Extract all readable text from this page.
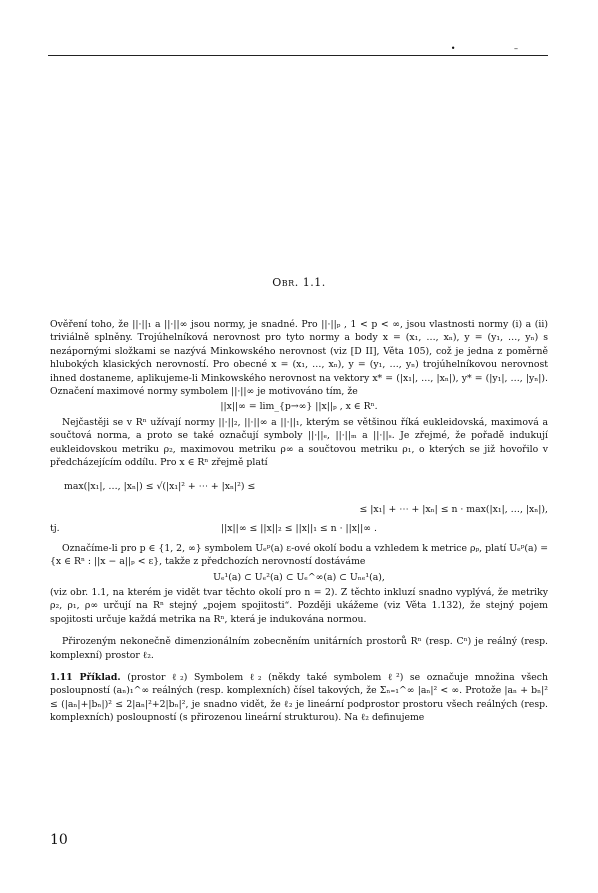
• –
Obr. 1.1.

Ověření toho, že ||·||₁ a ||·||∞ jsou normy, je snadné. Pro ||·||ₚ , 1 < p < ∞, jsou vlastnosti normy (i) a (ii) triviálně splněny. Trojúhelníková nerovnost pro tyto normy a body x = (x₁, …, xₙ), y = (y₁, …, yₙ) s nezápornými složkami se nazývá Minkowského nerovnost (viz [D II], Věta 105), což je jedna z poměrně hlubokých klasických nerovností. Pro obecné x = (x₁, …, xₙ), y = (y₁, …, yₙ) trojúhelníkovou nerovnost ihned dostaneme, aplikujeme-li Minkowského nerovnost na vektory x* = (|x₁|, …, |xₙ|), y* = (|y₁|, …, |yₙ|). Označení maximové normy symbolem ||·||∞ je motivováno tím, že

||x||∞ = lim_{p→∞} ||x||ₚ , x ∈ Rⁿ.

Nejčastěji se v Rⁿ užívají normy ||·||₂, ||·||∞ a ||·||₁, kterým se většinou říká eukleidovská, maximová a součtová norma, a proto se také označují symboly ||·||ₑ, ||·||ₘ a ||·||ₛ. Je zřejmé, že pořadě indukují eukleidovskou metriku ρ₂, maximovou metriku ρ∞ a součtovou metriku ρ₁, o kterých se již hovořilo v předcházejícím oddílu. Pro x ∈ Rⁿ zřejmě platí

max(|x₁|, …, |xₙ|) ≤ √(|x₁|² + ⋯ + |xₙ|²) ≤
≤ |x₁| + ⋯ + |xₙ| ≤ n · max(|x₁|, …, |xₙ|),
tj.	||x||∞ ≤ ||x||₂ ≤ ||x||₁ ≤ n · ||x||∞ .

Označíme-li pro p ∈ {1, 2, ∞} symbolem Uₑᵖ(a) ε-ové okolí bodu a vzhledem k metrice ρₚ, platí Uₑᵖ(a) = {x ∈ Rⁿ : ||x − a||ₚ < ε}, takže z předchozích nerovností dostáváme

Uₑ¹(a) ⊂ Uₑ²(a) ⊂ Uₑ^∞(a) ⊂ Uₙₑ¹(a),

(viz obr. 1.1, na kterém je vidět tvar těchto okolí pro n = 2). Z těchto inkluzí snadno vyplývá, že metriky ρ₂, ρ₁, ρ∞ určují na Rⁿ stejný „pojem spojitosti“. Později ukážeme (viz Věta 1.132), že stejný pojem spojitosti určuje každá metrika na Rⁿ, která je indukována normou.

Přirozeným nekonečně dimenzionálním zobecněním unitárních prostorů Rⁿ (resp. Cⁿ) je reálný (resp. komplexní) prostor ℓ₂.

1.11 Příklad. (prostor ℓ₂) Symbolem ℓ₂ (někdy také symbolem ℓ²) se označuje množina všech posloupností (aₙ)₁^∞ reálných (resp. komplexních) čísel takových, že Σₙ₌₁^∞ |aₙ|² < ∞. Protože |aₙ + bₙ|² ≤ (|aₙ|+|bₙ|)² ≤ 2|aₙ|²+2|bₙ|², je snadno vidět, že ℓ₂ je lineární podprostor prostoru všech reálných (resp. komplexních) posloupností (s přirozenou lineární strukturou). Na ℓ₂ definujeme

10
